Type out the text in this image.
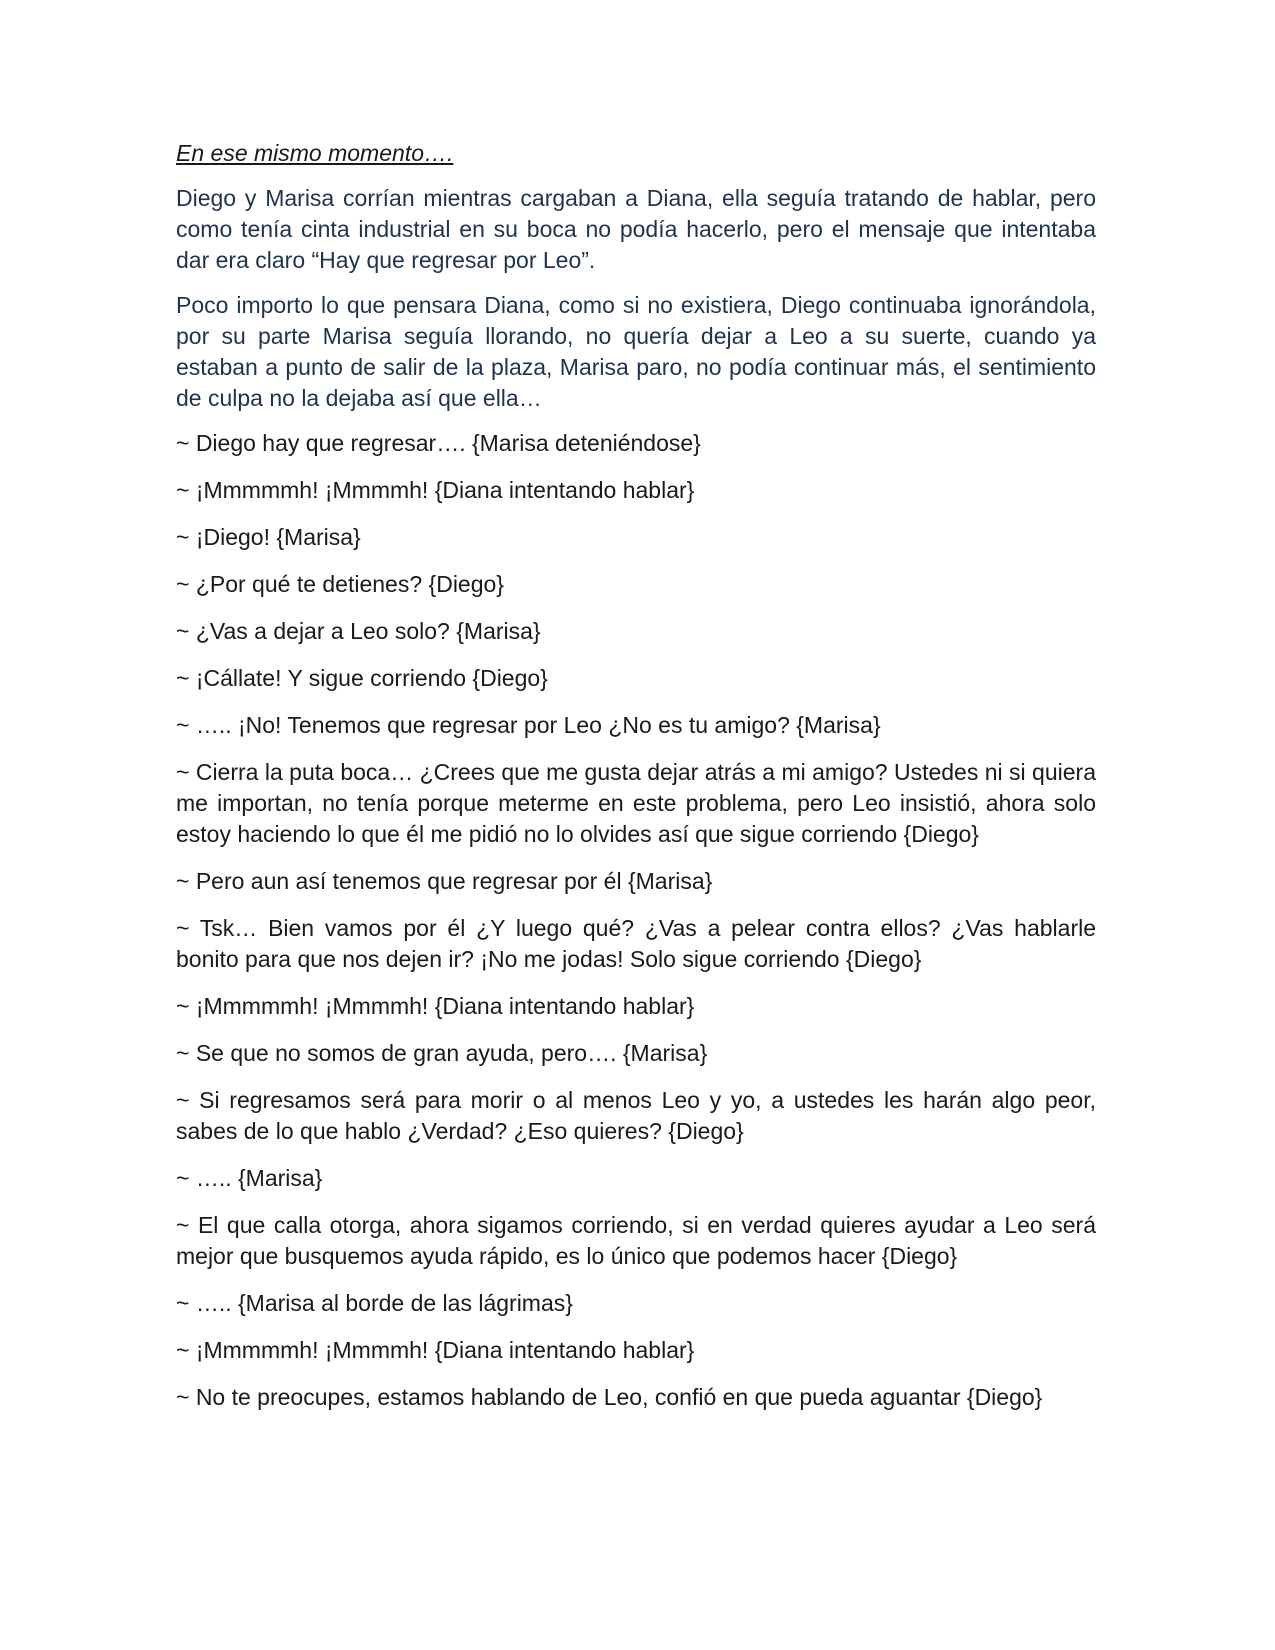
En ese mismo momento….

Diego y Marisa corrían mientras cargaban a Diana, ella seguía tratando de hablar, pero como tenía cinta industrial en su boca no podía hacerlo, pero el mensaje que intentaba dar era claro “Hay que regresar por Leo”.

Poco importo lo que pensara Diana, como si no existiera, Diego continuaba ignorándola, por su parte Marisa seguía llorando, no quería dejar a Leo a su suerte, cuando ya estaban a punto de salir de la plaza, Marisa paro, no podía continuar más, el sentimiento de culpa no la dejaba así que ella…

~ Diego hay que regresar…. {Marisa deteniéndose}

~ ¡Mmmmmh! ¡Mmmmh! {Diana intentando hablar}

~ ¡Diego! {Marisa}

~ ¿Por qué te detienes? {Diego}

~ ¿Vas a dejar a Leo solo? {Marisa}

~ ¡Cállate! Y sigue corriendo {Diego}

~ ….. ¡No! Tenemos que regresar por Leo ¿No es tu amigo? {Marisa}

~ Cierra la puta boca… ¿Crees que me gusta dejar atrás a mi amigo? Ustedes ni si quiera me importan, no tenía porque meterme en este problema, pero Leo insistió, ahora solo estoy haciendo lo que él me pidió no lo olvides así que sigue corriendo {Diego}

~ Pero aun así tenemos que regresar por él {Marisa}

~ Tsk… Bien vamos por él ¿Y luego qué? ¿Vas a pelear contra ellos? ¿Vas hablarle bonito para que nos dejen ir? ¡No me jodas! Solo sigue corriendo {Diego}

~ ¡Mmmmmh! ¡Mmmmh! {Diana intentando hablar}

~ Se que no somos de gran ayuda, pero…. {Marisa}

~ Si regresamos será para morir o al menos Leo y yo, a ustedes les harán algo peor, sabes de lo que hablo ¿Verdad? ¿Eso quieres? {Diego}

~ ….. {Marisa}

~ El que calla otorga, ahora sigamos corriendo, si en verdad quieres ayudar a Leo será mejor que busquemos ayuda rápido, es lo único que podemos hacer {Diego}

~ ….. {Marisa al borde de las lágrimas}

~ ¡Mmmmmh! ¡Mmmmh! {Diana intentando hablar}

~ No te preocupes, estamos hablando de Leo, confió en que pueda aguantar {Diego}
